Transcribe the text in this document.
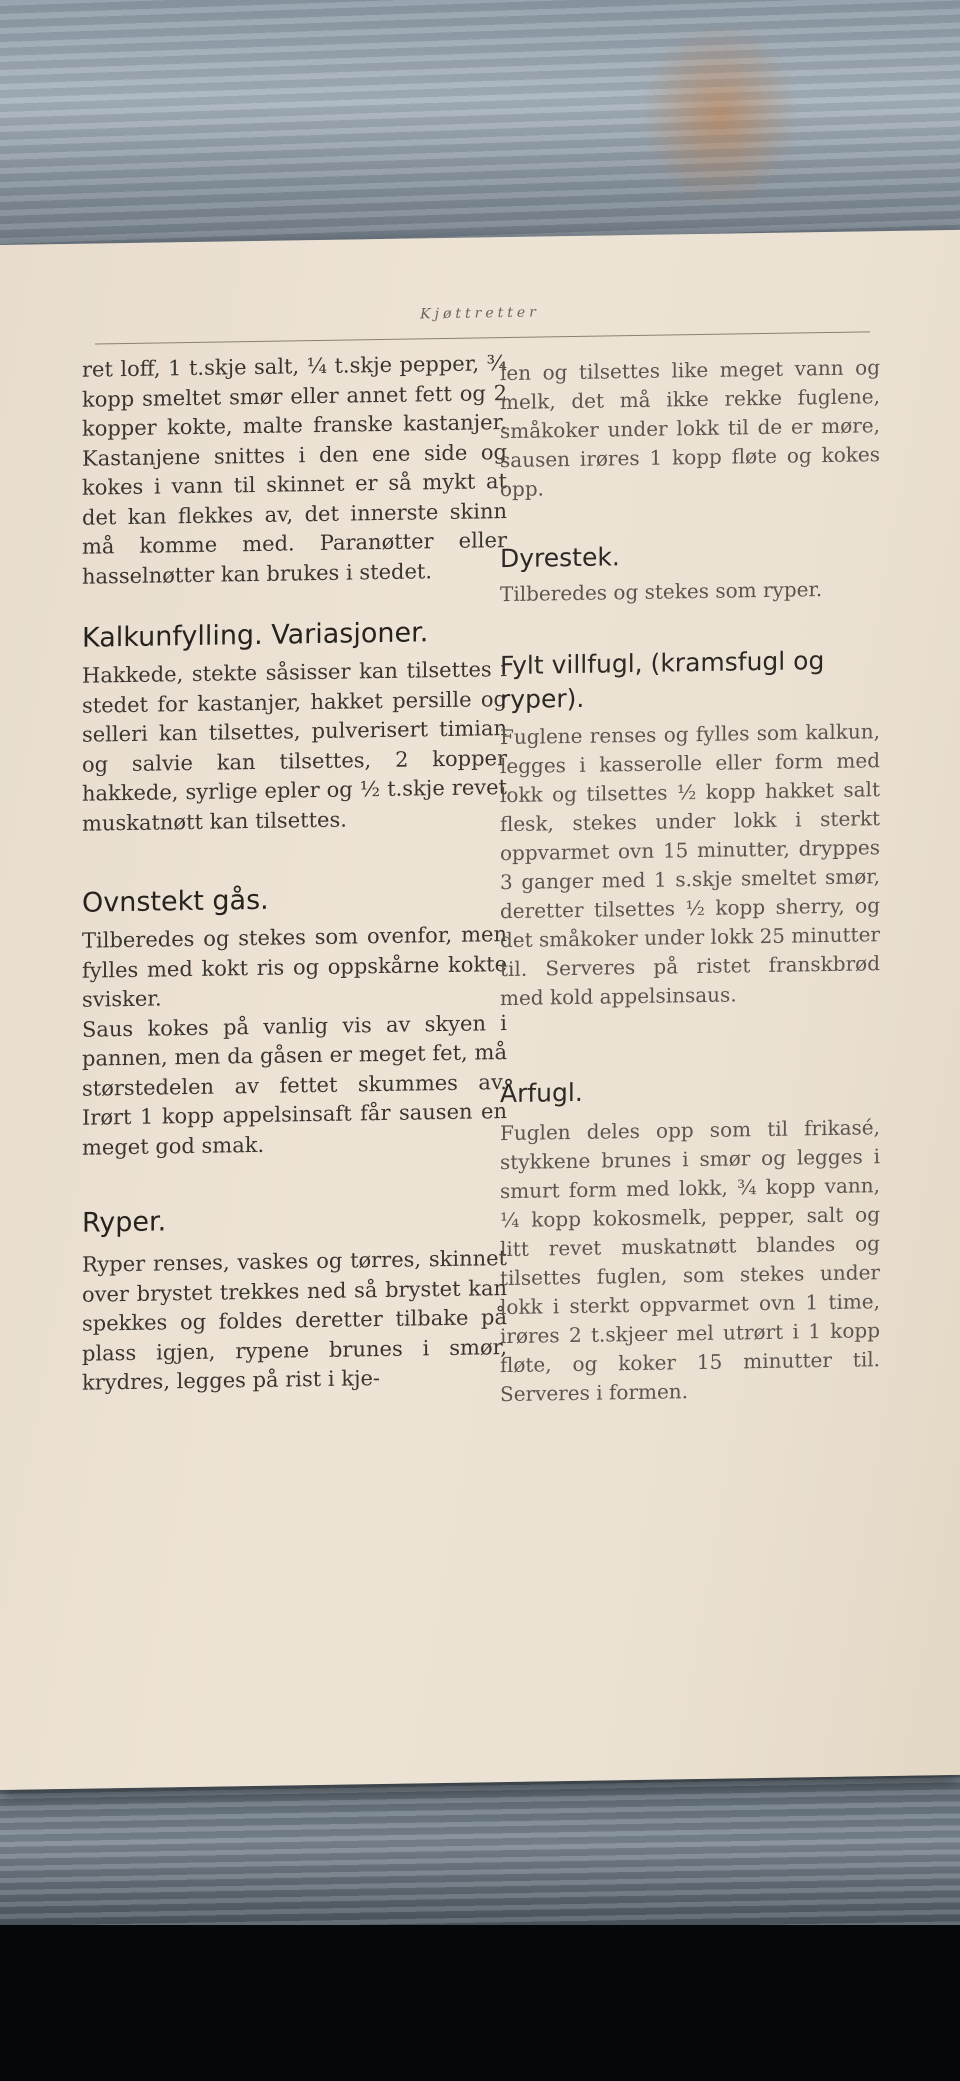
Kjøttretter

ret loff, 1 t.skje salt, ¼ t.skje pepper, ¾ kopp smeltet smør eller annet fett og 2 kopper kokte, malte franske kastanjer. Kastanjene snittes i den ene side og kokes i vann til skinnet er så mykt at det kan flekkes av, det innerste skinn må komme med. Paranøtter eller hasselnøtter kan brukes i stedet.

Kalkunfylling. Variasjoner.

Hakkede, stekte såsisser kan tilsettes i stedet for kastanjer, hakket persille og selleri kan tilsettes, pulverisert timian og salvie kan tilsettes, 2 kopper hakkede, syrlige epler og ½ t.skje revet muskatnøtt kan tilsettes.

Ovnstekt gås.

Tilberedes og stekes som ovenfor, men fylles med kokt ris og oppskårne kokte svisker.

Saus kokes på vanlig vis av skyen i pannen, men da gåsen er meget fet, må størstedelen av fettet skummes av. Irørt 1 kopp appelsinsaft får sausen en meget god smak.

Ryper.

Ryper renses, vaskes og tørres, skinnet over brystet trekkes ned så brystet kan spekkes og foldes deretter tilbake på plass igjen, rypene brunes i smør, krydres, legges på rist i kje-

len og tilsettes like meget vann og melk, det må ikke rekke fuglene, småkoker under lokk til de er møre, sausen irøres 1 kopp fløte og kokes opp.

Dyrestek.

Tilberedes og stekes som ryper.

Fylt villfugl, (kramsfugl og ryper).

Fuglene renses og fylles som kalkun, legges i kasserolle eller form med lokk og tilsettes ½ kopp hakket salt flesk, stekes under lokk i sterkt oppvarmet ovn 15 minutter, dryppes 3 ganger med 1 s.skje smeltet smør, deretter tilsettes ½ kopp sherry, og det småkoker under lokk 25 minutter til. Serveres på ristet franskbrød med kold appelsinsaus.

Årfugl.

Fuglen deles opp som til frikasé, stykkene brunes i smør og legges i smurt form med lokk, ¾ kopp vann, ¼ kopp kokosmelk, pepper, salt og litt revet muskatnøtt blandes og tilsettes fuglen, som stekes under lokk i sterkt oppvarmet ovn 1 time, irøres 2 t.skjeer mel utrørt i 1 kopp fløte, og koker 15 minutter til. Serveres i formen.
